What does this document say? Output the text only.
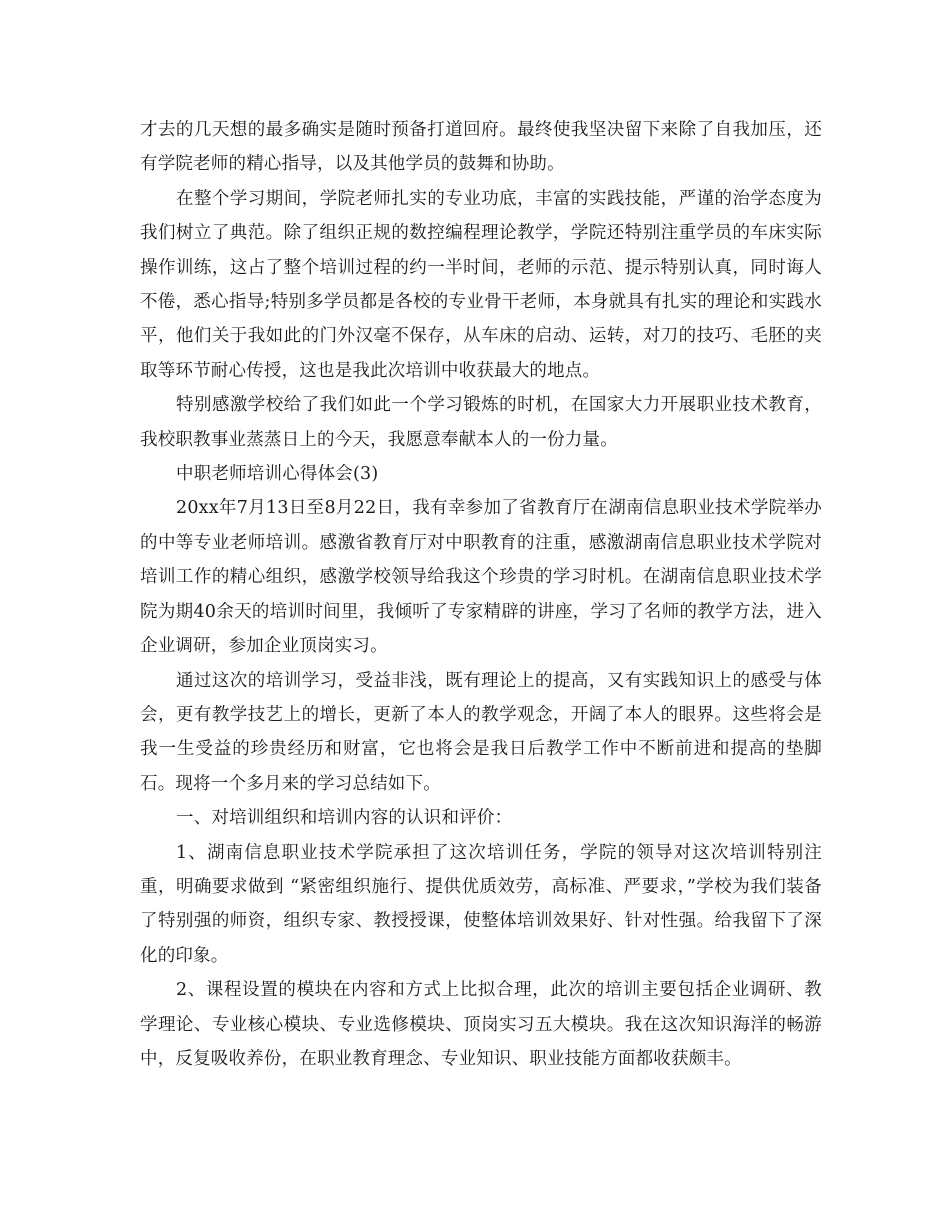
才去的几天想的最多确实是随时预备打道回府。最终使我坚决留下来除了自我加压，还有学院老师的精心指导，以及其他学员的鼓舞和协助。

在整个学习期间，学院老师扎实的专业功底，丰富的实践技能，严谨的治学态度为我们树立了典范。除了组织正规的数控编程理论教学，学院还特别注重学员的车床实际操作训练，这占了整个培训过程的约一半时间，老师的示范、提示特别认真，同时诲人不倦，悉心指导;特别多学员都是各校的专业骨干老师，本身就具有扎实的理论和实践水平，他们关于我如此的门外汉毫不保存，从车床的启动、运转，对刀的技巧、毛胚的夹取等环节耐心传授，这也是我此次培训中收获最大的地点。

特别感激学校给了我们如此一个学习锻炼的时机，在国家大力开展职业技术教育，我校职教事业蒸蒸日上的今天，我愿意奉献本人的一份力量。

中职老师培训心得体会(3)

20xx年7月13日至8月22日，我有幸参加了省教育厅在湖南信息职业技术学院举办的中等专业老师培训。感激省教育厅对中职教育的注重，感激湖南信息职业技术学院对培训工作的精心组织，感激学校领导给我这个珍贵的学习时机。在湖南信息职业技术学院为期40余天的培训时间里，我倾听了专家精辟的讲座，学习了名师的教学方法，进入企业调研，参加企业顶岗实习。

通过这次的培训学习，受益非浅，既有理论上的提高，又有实践知识上的感受与体会，更有教学技艺上的增长，更新了本人的教学观念，开阔了本人的眼界。这些将会是我一生受益的珍贵经历和财富，它也将会是我日后教学工作中不断前进和提高的垫脚石。现将一个多月来的学习总结如下。

一、对培训组织和培训内容的认识和评价：

1、湖南信息职业技术学院承担了这次培训任务，学院的领导对这次培训特别注重，明确要求做到 “紧密组织施行、提供优质效劳，高标准、严要求，”学校为我们装备了特别强的师资，组织专家、教授授课，使整体培训效果好、针对性强。给我留下了深化的印象。

2、课程设置的模块在内容和方式上比拟合理，此次的培训主要包括企业调研、教学理论、专业核心模块、专业选修模块、顶岗实习五大模块。我在这次知识海洋的畅游中，反复吸收养份，在职业教育理念、专业知识、职业技能方面都收获颇丰。
